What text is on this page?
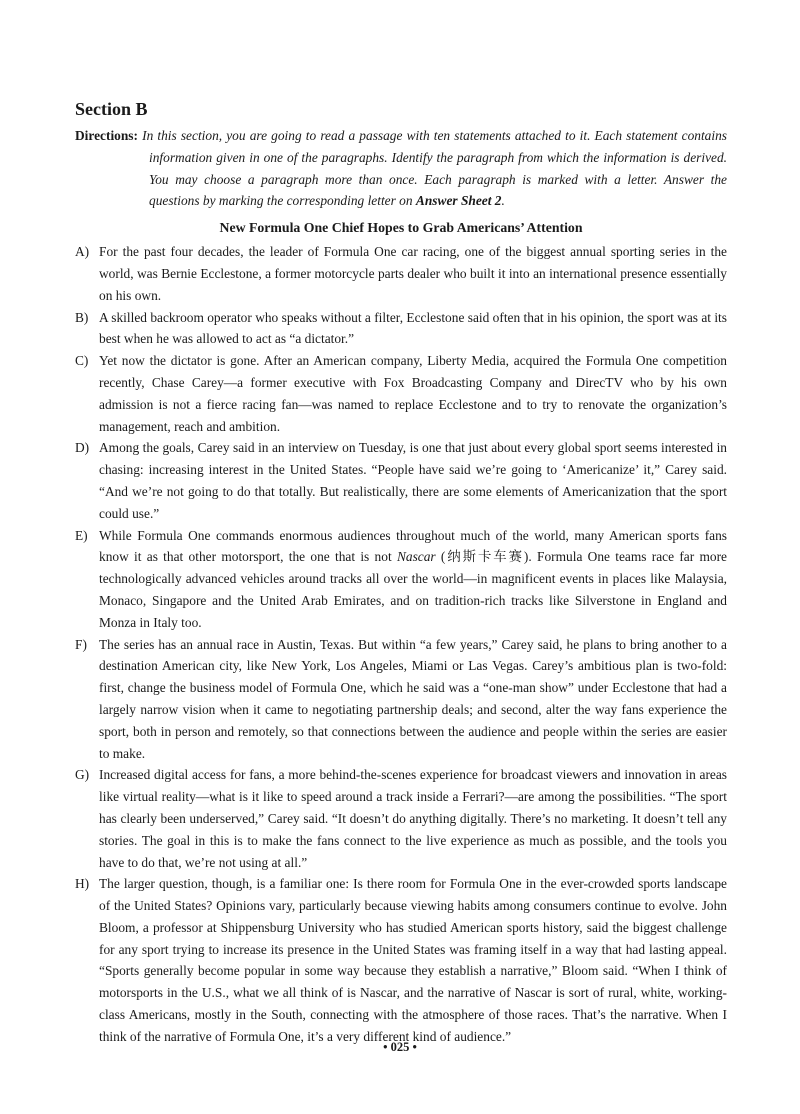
Section B
Directions: In this section, you are going to read a passage with ten statements attached to it. Each statement contains information given in one of the paragraphs. Identify the paragraph from which the information is derived. You may choose a paragraph more than once. Each paragraph is marked with a letter. Answer the questions by marking the corresponding letter on Answer Sheet 2.
New Formula One Chief Hopes to Grab Americans’ Attention
A) For the past four decades, the leader of Formula One car racing, one of the biggest annual sporting series in the world, was Bernie Ecclestone, a former motorcycle parts dealer who built it into an international presence essentially on his own.
B) A skilled backroom operator who speaks without a filter, Ecclestone said often that in his opinion, the sport was at its best when he was allowed to act as “a dictator.”
C) Yet now the dictator is gone. After an American company, Liberty Media, acquired the Formula One competition recently, Chase Carey—a former executive with Fox Broadcasting Company and DirecTV who by his own admission is not a fierce racing fan—was named to replace Ecclestone and to try to renovate the organization’s management, reach and ambition.
D) Among the goals, Carey said in an interview on Tuesday, is one that just about every global sport seems interested in chasing: increasing interest in the United States. “People have said we’re going to ‘Americanize’ it,” Carey said. “And we’re not going to do that totally. But realistically, there are some elements of Americanization that the sport could use.”
E) While Formula One commands enormous audiences throughout much of the world, many American sports fans know it as that other motorsport, the one that is not Nascar (纳斯卡车赛). Formula One teams race far more technologically advanced vehicles around tracks all over the world—in magnificent events in places like Malaysia, Monaco, Singapore and the United Arab Emirates, and on tradition-rich tracks like Silverstone in England and Monza in Italy too.
F) The series has an annual race in Austin, Texas. But within “a few years,” Carey said, he plans to bring another to a destination American city, like New York, Los Angeles, Miami or Las Vegas. Carey’s ambitious plan is two-fold: first, change the business model of Formula One, which he said was a “one-man show” under Ecclestone that had a largely narrow vision when it came to negotiating partnership deals; and second, alter the way fans experience the sport, both in person and remotely, so that connections between the audience and people within the series are easier to make.
G) Increased digital access for fans, a more behind-the-scenes experience for broadcast viewers and innovation in areas like virtual reality—what is it like to speed around a track inside a Ferrari?—are among the possibilities. “The sport has clearly been underserved,” Carey said. “It doesn’t do anything digitally. There’s no marketing. It doesn’t tell any stories. The goal in this is to make the fans connect to the live experience as much as possible, and the tools you have to do that, we’re not using at all.”
H) The larger question, though, is a familiar one: Is there room for Formula One in the ever-crowded sports landscape of the United States? Opinions vary, particularly because viewing habits among consumers continue to evolve. John Bloom, a professor at Shippensburg University who has studied American sports history, said the biggest challenge for any sport trying to increase its presence in the United States was framing itself in a way that had lasting appeal. “Sports generally become popular in some way because they establish a narrative,” Bloom said. “When I think of motorsports in the U.S., what we all think of is Nascar, and the narrative of Nascar is sort of rural, white, working-class Americans, mostly in the South, connecting with the atmosphere of those races. That’s the narrative. When I think of the narrative of Formula One, it’s a very different kind of audience.”
• 025 •
